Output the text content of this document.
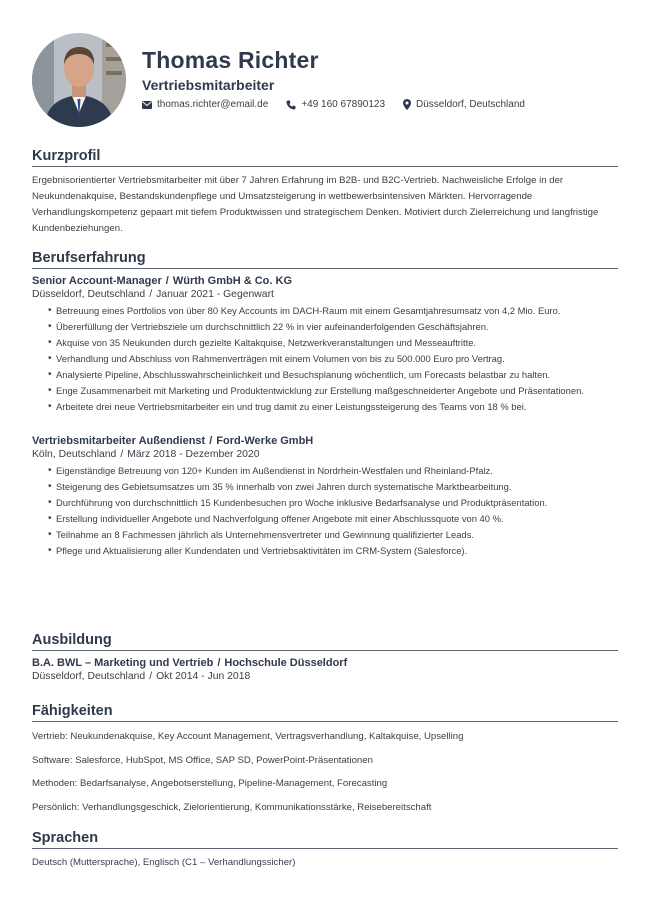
Thomas Richter
Vertriebsmitarbeiter
thomas.richter@email.de	+49 160 67890123	Düsseldorf, Deutschland
Kurzprofil
Ergebnisorientierter Vertriebsmitarbeiter mit über 7 Jahren Erfahrung im B2B- und B2C-Vertrieb. Nachweisliche Erfolge in der Neukundenakquise, Bestandskundenpflege und Umsatzsteigerung in wettbewerbsintensiven Märkten. Hervorragende Verhandlungskompetenz gepaart mit tiefem Produktwissen und strategischem Denken. Motiviert durch Zielerreichung und langfristige Kundenbeziehungen.
Berufserfahrung
Senior Account-Manager / Würth GmbH & Co. KG
Düsseldorf, Deutschland / Januar 2021 - Gegenwart
• Betreuung eines Portfolios von über 80 Key Accounts im DACH-Raum mit einem Gesamtjahresumsatz von 4,2 Mio. Euro.
• Übererfüllung der Vertriebsziele um durchschnittlich 22 % in vier aufeinanderfolgenden Geschäftsjahren.
• Akquise von 35 Neukunden durch gezielte Kaltakquise, Netzwerkveranstaltungen und Messeauftritte.
• Verhandlung und Abschluss von Rahmenverträgen mit einem Volumen von bis zu 500.000 Euro pro Vertrag.
• Analysierte Pipeline, Abschlusswahrscheinlichkeit und Besuchsplanung wöchentlich, um Forecasts belastbar zu halten.
• Enge Zusammenarbeit mit Marketing und Produktentwicklung zur Erstellung maßgeschneiderter Angebote und Präsentationen.
• Arbeitete drei neue Vertriebsmitarbeiter ein und trug damit zu einer Leistungssteigerung des Teams von 18 % bei.
Vertriebsmitarbeiter Außendienst / Ford-Werke GmbH
Köln, Deutschland / März 2018 - Dezember 2020
• Eigenständige Betreuung von 120+ Kunden im Außendienst in Nordrhein-Westfalen und Rheinland-Pfalz.
• Steigerung des Gebietsumsatzes um 35 % innerhalb von zwei Jahren durch systematische Marktbearbeitung.
• Durchführung von durchschnittlich 15 Kundenbesuchen pro Woche inklusive Bedarfsanalyse und Produktpräsentation.
• Erstellung individueller Angebote und Nachverfolgung offener Angebote mit einer Abschlussquote von 40 %.
• Teilnahme an 8 Fachmessen jährlich als Unternehmensvertreter und Gewinnung qualifizierter Leads.
• Pflege und Aktualisierung aller Kundendaten und Vertriebsaktivitäten im CRM-System (Salesforce).
Ausbildung
B.A. BWL – Marketing und Vertrieb / Hochschule Düsseldorf
Düsseldorf, Deutschland / Okt 2014 - Jun 2018
Fähigkeiten
Vertrieb: Neukundenakquise, Key Account Management, Vertragsverhandlung, Kaltakquise, Upselling
Software: Salesforce, HubSpot, MS Office, SAP SD, PowerPoint-Präsentationen
Methoden: Bedarfsanalyse, Angebotserstellung, Pipeline-Management, Forecasting
Persönlich: Verhandlungsgeschick, Zielorientierung, Kommunikationsstärke, Reisebereitschaft
Sprachen
Deutsch (Muttersprache), Englisch (C1 – Verhandlungssicher)
